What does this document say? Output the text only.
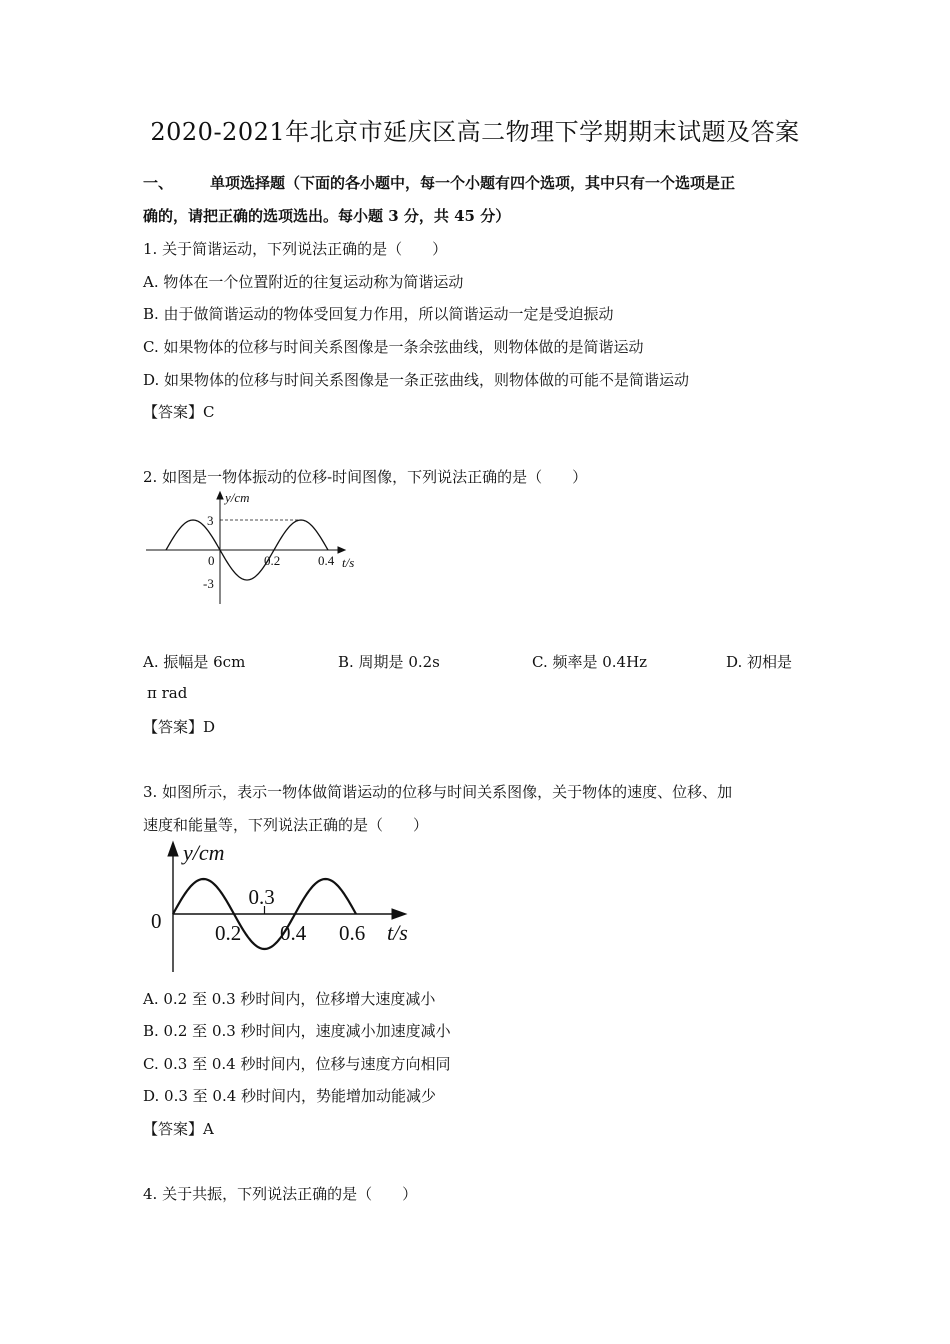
2020-2021年北京市延庆区高二物理下学期期末试题及答案
一、 单项选择题（下面的各小题中，每一个小题有四个选项，其中只有一个选项是正
确的，请把正确的选项选出。每小题 3 分，共 45 分）
1. 关于简谐运动，下列说法正确的是（　　）
A. 物体在一个位置附近的往复运动称为简谐运动
B. 由于做简谐运动的物体受回复力作用，所以简谐运动一定是受迫振动
C. 如果物体的位移与时间关系图像是一条余弦曲线，则物体做的是简谐运动
D. 如果物体的位移与时间关系图像是一条正弦曲线，则物体做的可能不是简谐运动
【答案】C
2. 如图是一物体振动的位移-时间图像，下列说法正确的是（　　）
y/cm
t/s
3
-3
0	0.2	0.4
A. 振幅是 6cm	B. 周期是 0.2s	C. 频率是 0.4Hz	D. 初相是
π rad
【答案】D
3. 如图所示，表示一物体做简谐运动的位移与时间关系图像，关于物体的速度、位移、加
速度和能量等，下列说法正确的是（　　）
y/cm
t/s
0	0.2
0.3
0.4 0.6
A. 0.2 至 0.3 秒时间内，位移增大速度减小
B. 0.2 至 0.3 秒时间内，速度减小加速度减小
C. 0.3 至 0.4 秒时间内，位移与速度方向相同
D. 0.3 至 0.4 秒时间内，势能增加动能减少
【答案】A
4. 关于共振，下列说法正确的是（　　）
